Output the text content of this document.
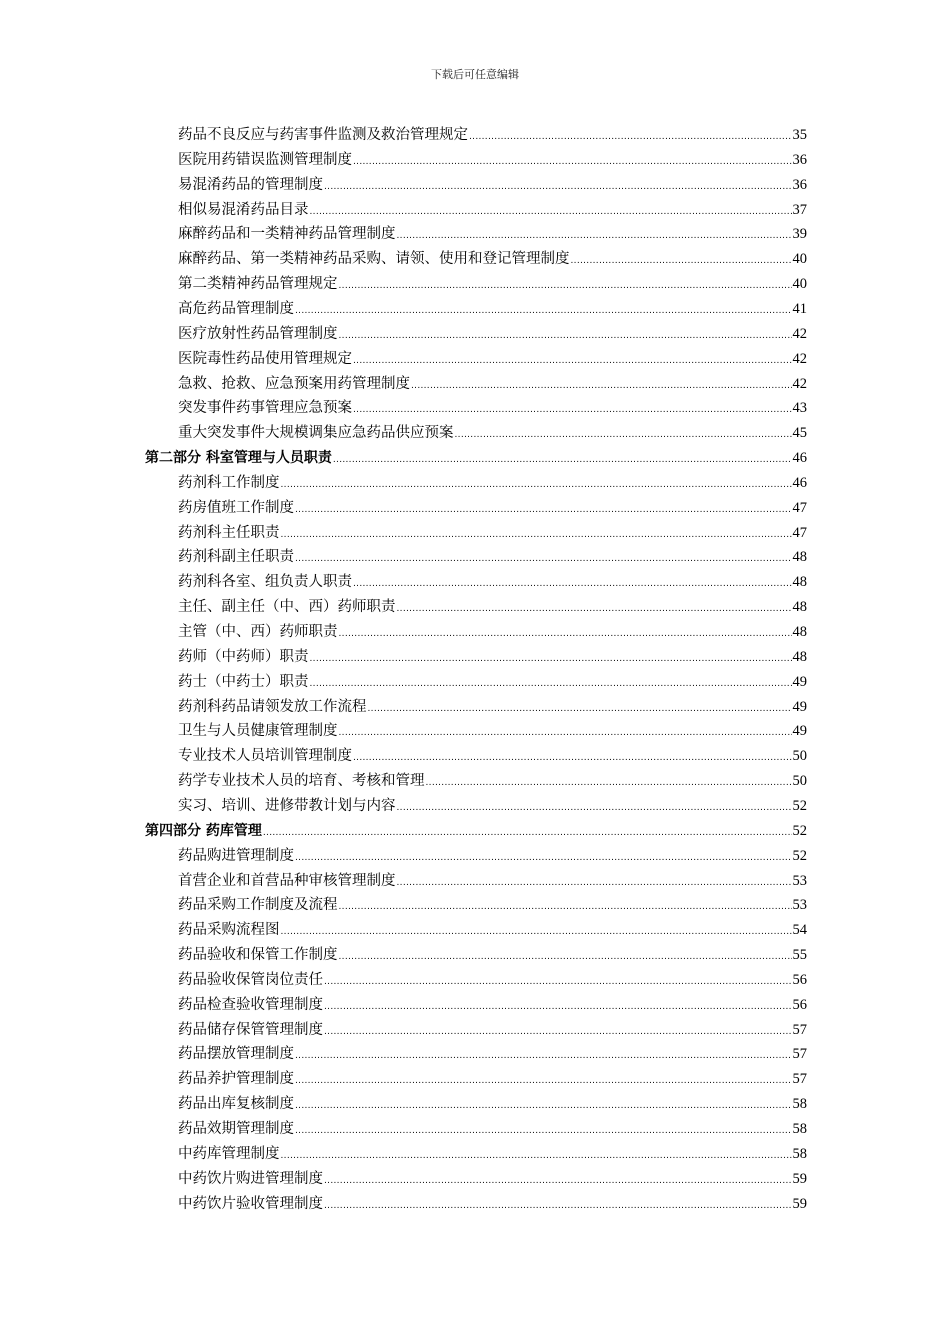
下载后可任意编辑
药品不良反应与药害事件监测及救治管理规定 .....	35
医院用药错误监测管理制度 .....	36
易混淆药品的管理制度 .....	36
相似易混淆药品目录 .....	37
麻醉药品和一类精神药品管理制度 .....	39
麻醉药品、第一类精神药品采购、请领、使用和登记管理制度 .....	40
第二类精神药品管理规定 .....	40
高危药品管理制度 .....	41
医疗放射性药品管理制度 .....	42
医院毒性药品使用管理规定 .....	42
急救、抢救、应急预案用药管理制度 .....	42
突发事件药事管理应急预案 .....	43
重大突发事件大规模调集应急药品供应预案 .....	45
第二部分 科室管理与人员职责 .....	46
药剂科工作制度 .....	46
药房值班工作制度 .....	47
药剂科主任职责 .....	47
药剂科副主任职责 .....	48
药剂科各室、组负责人职责 .....	48
主任、副主任（中、西）药师职责 .....	48
主管（中、西）药师职责 .....	48
药师（中药师）职责 .....	48
药士（中药士）职责 .....	49
药剂科药品请领发放工作流程 .....	49
卫生与人员健康管理制度 .....	49
专业技术人员培训管理制度 .....	50
药学专业技术人员的培育、考核和管理 .....	50
实习、培训、进修带教计划与内容 .....	52
第四部分 药库管理 .....	52
药品购进管理制度 .....	52
首营企业和首营品种审核管理制度 .....	53
药品采购工作制度及流程 .....	53
药品采购流程图 .....	54
药品验收和保管工作制度 .....	55
药品验收保管岗位责任 .....	56
药品检查验收管理制度 .....	56
药品储存保管管理制度 .....	57
药品摆放管理制度 .....	57
药品养护管理制度 .....	57
药品出库复核制度 .....	58
药品效期管理制度 .....	58
中药库管理制度 .....	58
中药饮片购进管理制度 .....	59
中药饮片验收管理制度 .....	59
